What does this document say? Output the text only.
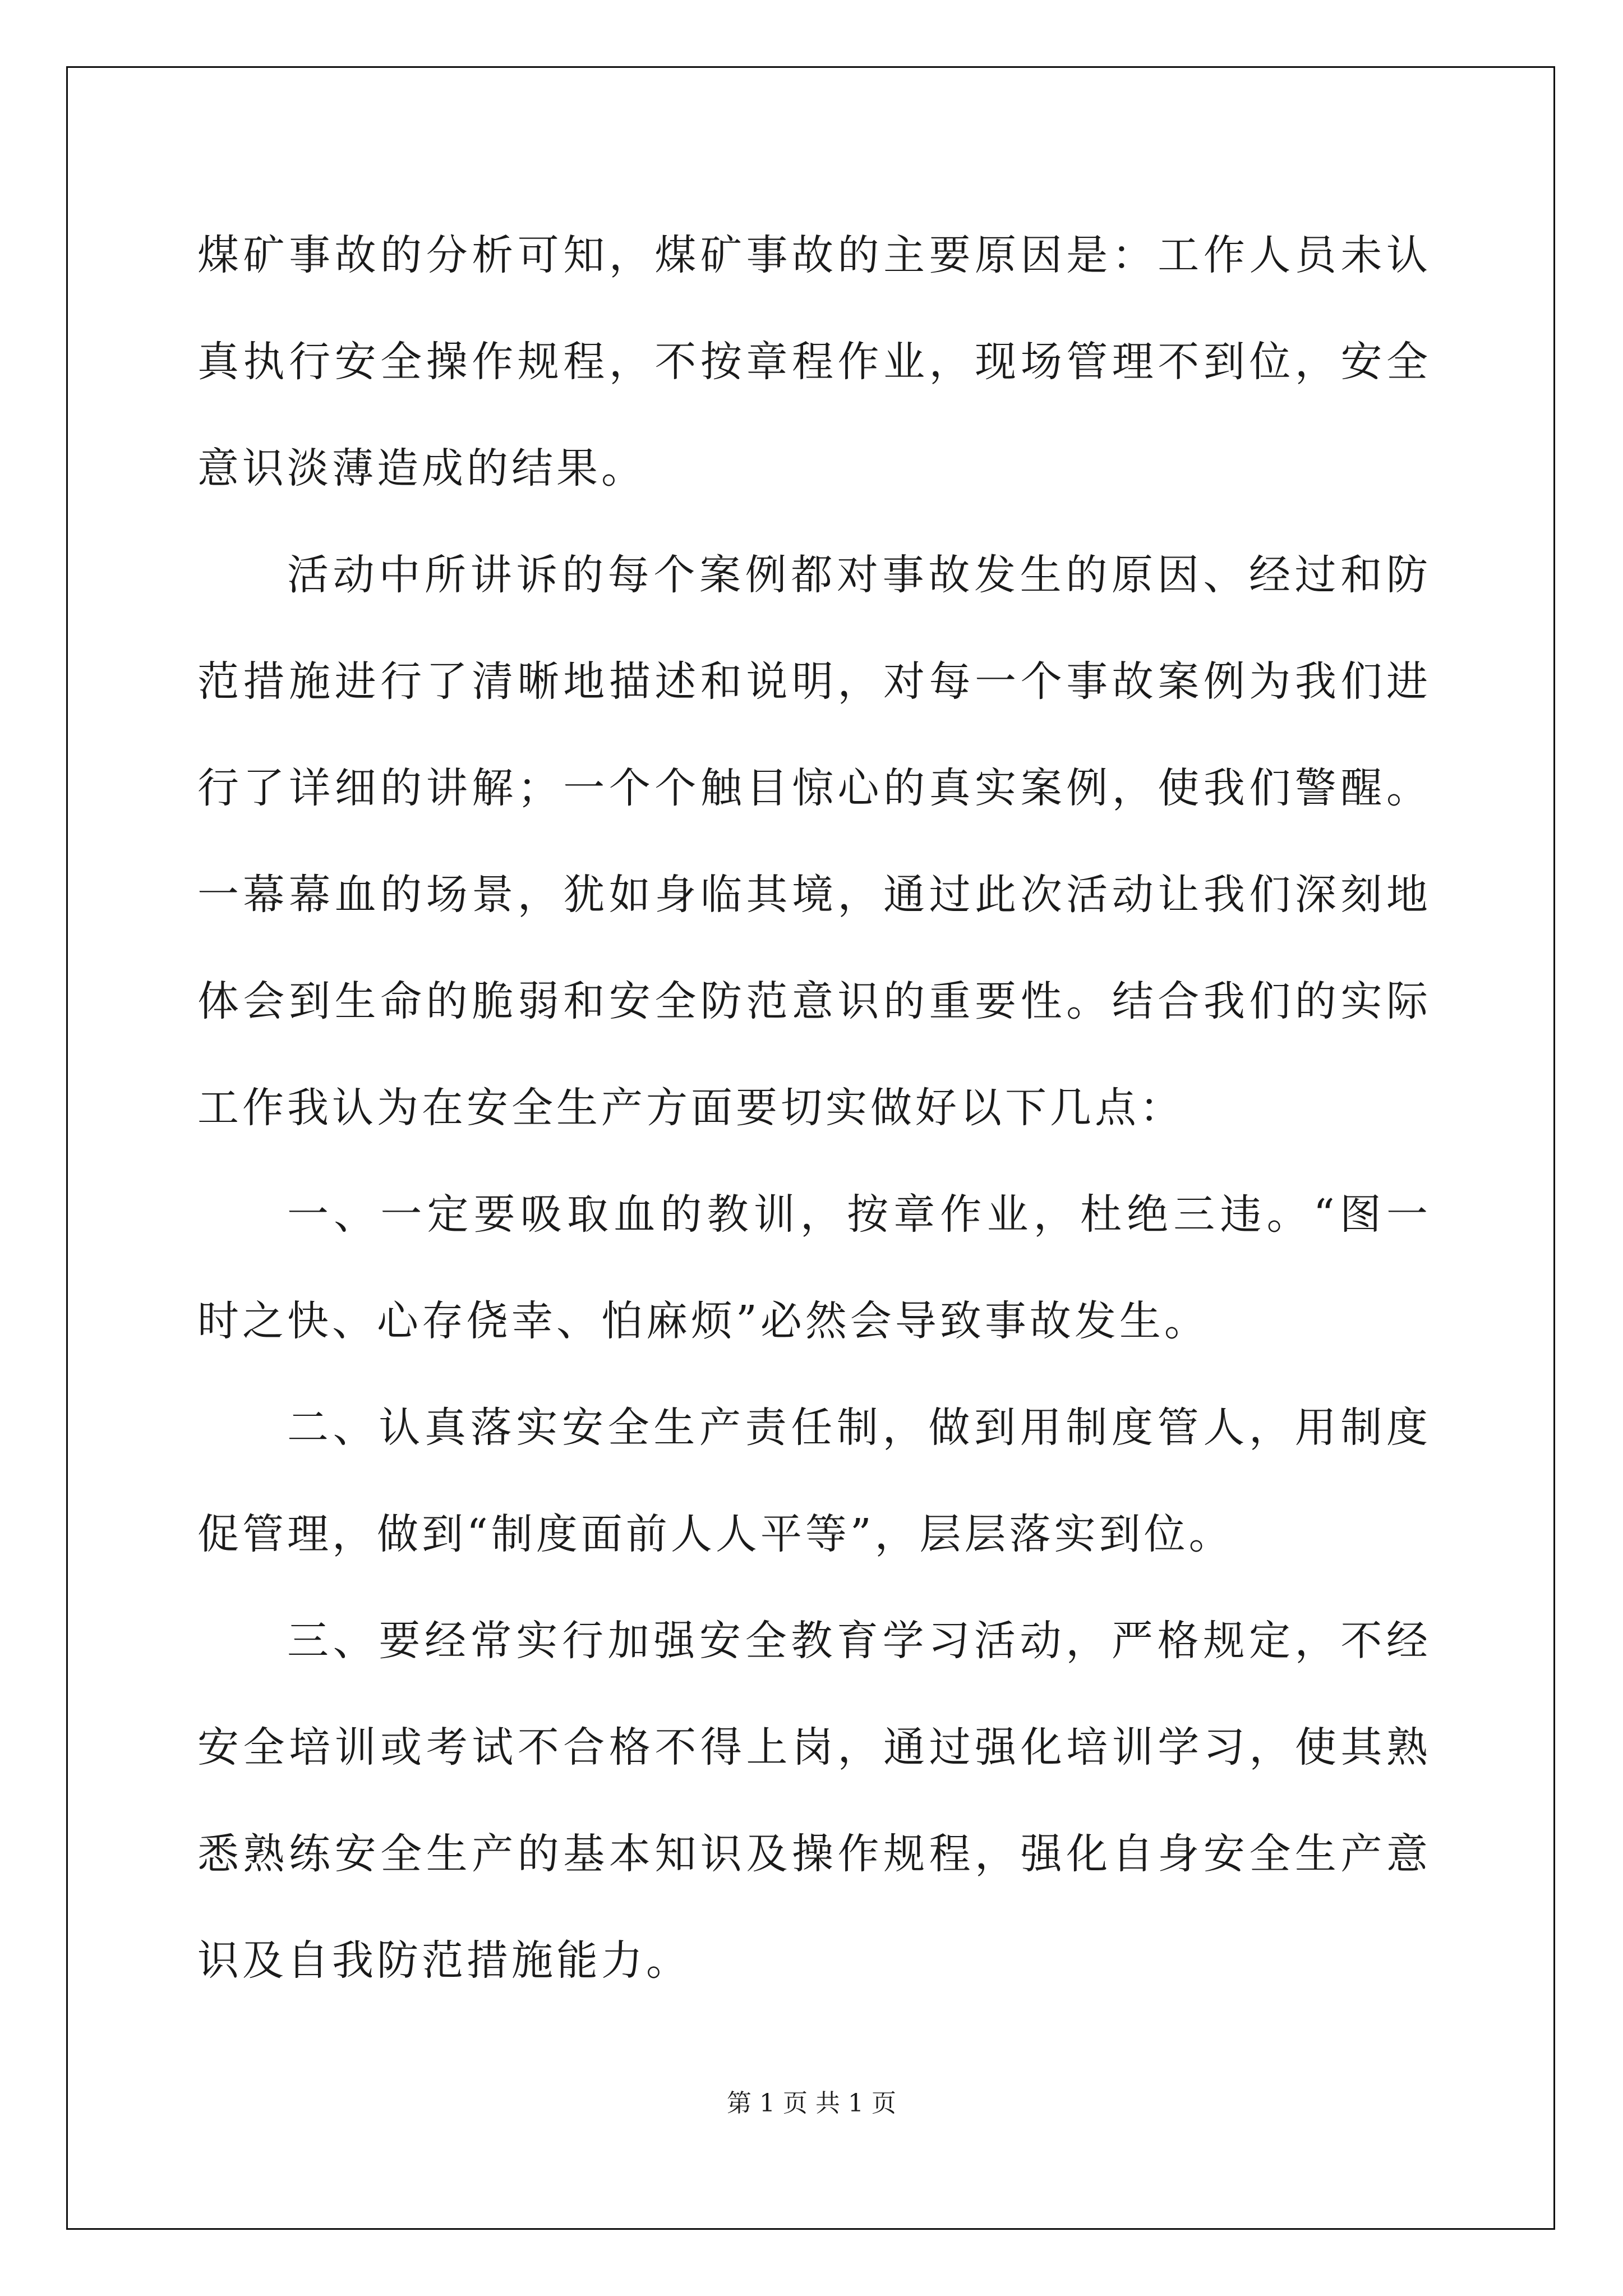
煤矿事故的分析可知，煤矿事故的主要原因是：工作人员未认真执行安全操作规程，不按章程作业，现场管理不到位，安全意识淡薄造成的结果。

活动中所讲诉的每个案例都对事故发生的原因、经过和防范措施进行了清晰地描述和说明，对每一个事故案例为我们进行了详细的讲解；一个个触目惊心的真实案例，使我们警醒。一幕幕血的场景，犹如身临其境，通过此次活动让我们深刻地体会到生命的脆弱和安全防范意识的重要性。结合我们的实际工作我认为在安全生产方面要切实做好以下几点：

一、一定要吸取血的教训，按章作业，杜绝三违。“图一时之快、心存侥幸、怕麻烦”必然会导致事故发生。

二、认真落实安全生产责任制，做到用制度管人，用制度促管理，做到“制度面前人人平等”，层层落实到位。

三、要经常实行加强安全教育学习活动，严格规定，不经安全培训或考试不合格不得上岗，通过强化培训学习，使其熟悉熟练安全生产的基本知识及操作规程，强化自身安全生产意识及自我防范措施能力。

第 1 页 共 1 页
